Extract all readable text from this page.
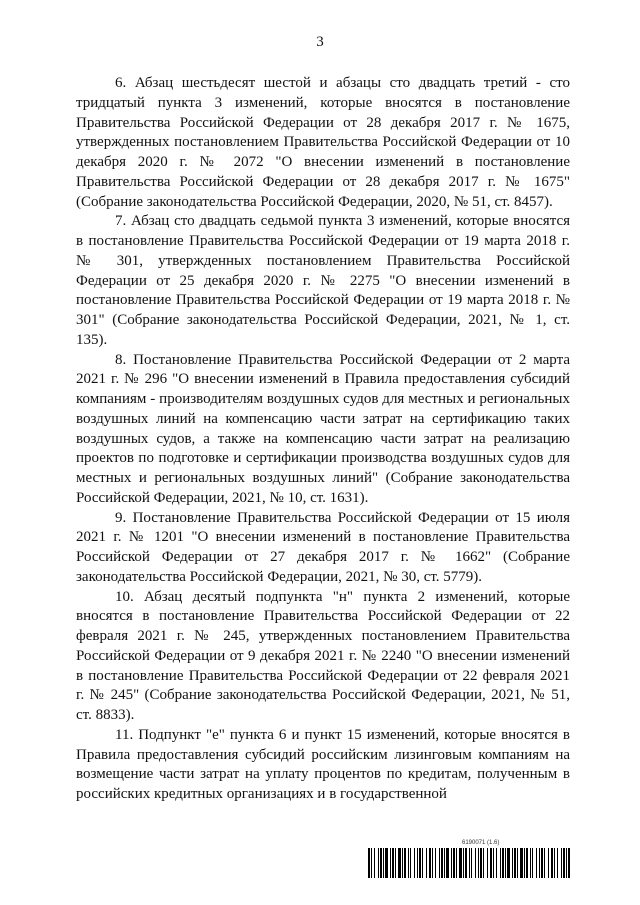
3

6. Абзац шестьдесят шестой и абзацы сто двадцать третий - сто тридцатый пункта 3 изменений, которые вносятся в постановление Правительства Российской Федерации от 28 декабря 2017 г. № 1675, утвержденных постановлением Правительства Российской Федерации от 10 декабря 2020 г. № 2072 "О внесении изменений в постановление Правительства Российской Федерации от 28 декабря 2017 г. № 1675" (Собрание законодательства Российской Федерации, 2020, № 51, ст. 8457).

7. Абзац сто двадцать седьмой пункта 3 изменений, которые вносятся в постановление Правительства Российской Федерации от 19 марта 2018 г. № 301, утвержденных постановлением Правительства Российской Федерации от 25 декабря 2020 г. № 2275 "О внесении изменений в постановление Правительства Российской Федерации от 19 марта 2018 г. № 301" (Собрание законодательства Российской Федерации, 2021, № 1, ст. 135).

8. Постановление Правительства Российской Федерации от 2 марта 2021 г. № 296 "О внесении изменений в Правила предоставления субсидий компаниям - производителям воздушных судов для местных и региональных воздушных линий на компенсацию части затрат на сертификацию таких воздушных судов, а также на компенсацию части затрат на реализацию проектов по подготовке и сертификации производства воздушных судов для местных и региональных воздушных линий" (Собрание законодательства Российской Федерации, 2021, № 10, ст. 1631).

9. Постановление Правительства Российской Федерации от 15 июля 2021 г. № 1201 "О внесении изменений в постановление Правительства Российской Федерации от 27 декабря 2017 г. № 1662" (Собрание законодательства Российской Федерации, 2021, № 30, ст. 5779).

10. Абзац десятый подпункта "н" пункта 2 изменений, которые вносятся в постановление Правительства Российской Федерации от 22 февраля 2021 г. № 245, утвержденных постановлением Правительства Российской Федерации от 9 декабря 2021 г. № 2240 "О внесении изменений в постановление Правительства Российской Федерации от 22 февраля 2021 г. № 245" (Собрание законодательства Российской Федерации, 2021, № 51, ст. 8833).

11. Подпункт "е" пункта 6 и пункт 15 изменений, которые вносятся в Правила предоставления субсидий российским лизинговым компаниям на возмещение части затрат на уплату процентов по кредитам, полученным в российских кредитных организациях и в государственной

6190071 (1.6)
